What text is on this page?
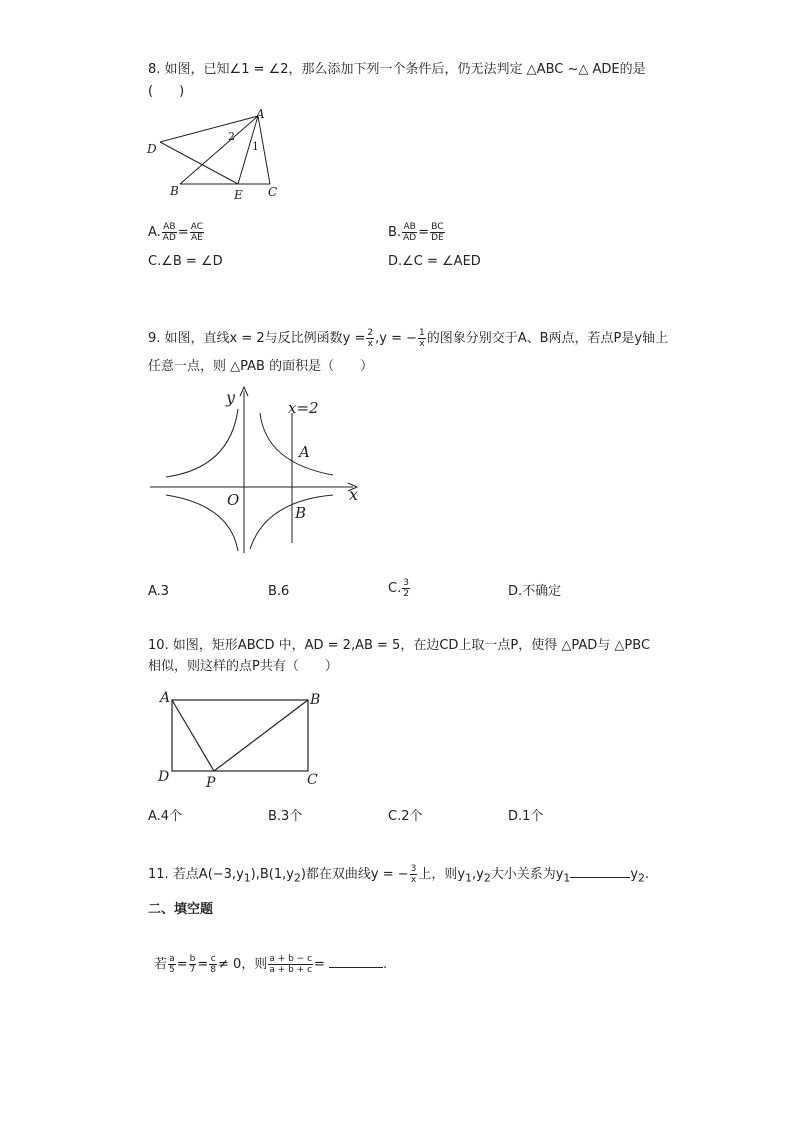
8. 如图，已知∠1 = ∠2，那么添加下列一个条件后，仍无法判定 △ABC ~△ ADE的是
(　　)
A
D
B	E C
2
1
A. $\frac{AB}{AD} = \frac{AC}{AE}$	B. $\frac{AB}{AD} = \frac{BC}{DE}$
C.∠B = ∠D	D.∠C = ∠AED
9. 如图，直线x = 2与反比例函数$y = \frac{2}{x} ,y$ = − $\frac{1}{x}$ 的图象分别交于A、B两点，若点P是y轴上
任意一点，则 △PAB 的面积是（　　）
y
x
x=2
O
A
B
A.3	B.6	C. $\frac{3}{2}$	D.不确定
10. 如图，矩形ABCD 中，AD = 2,AB = 5，在边CD上取一点P，使得 △PAD与 △PBC
相似，则这样的点P共有（　　）
A	B
D	C
P
A.4个	B.3个	C.2个	D.1个
11. 若点$A(-3,y_1),B(1,y_2)$都在双曲线y = − $\frac{3}{x}$ 上，则$y_1,y_2$大小关系为$y_1$	$y_2$.
二、填空题
若 $\frac{a}{5} = \frac{b}{7} = \frac{c}{8} \ne 0$，则 $\frac{a + b - c}{a + b + c}$ =	.
